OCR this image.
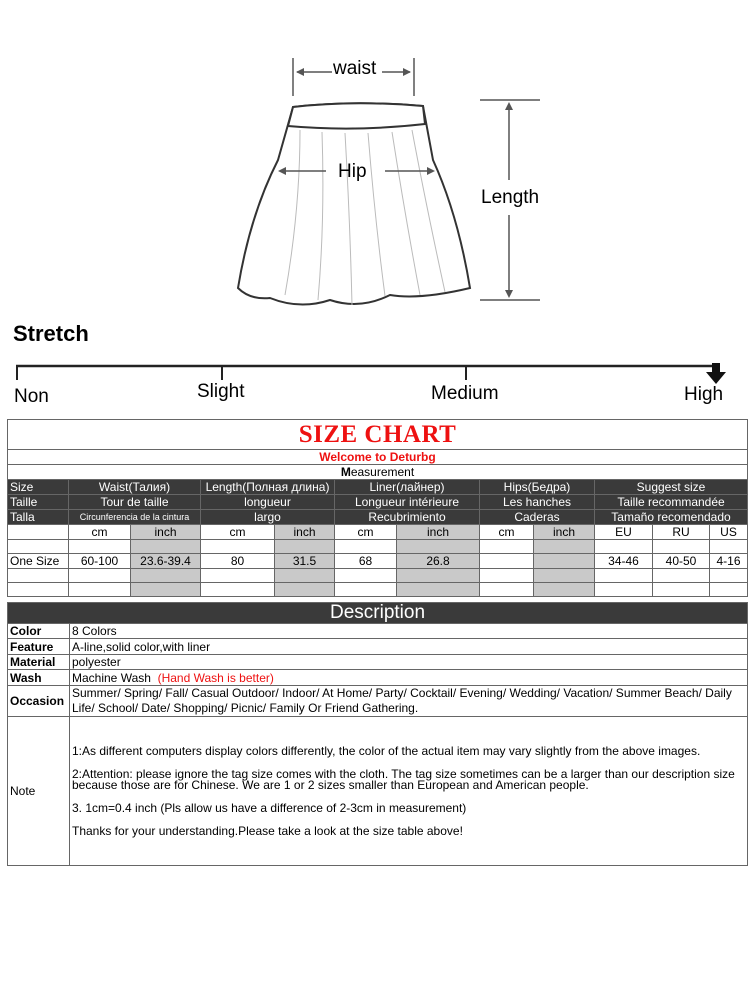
waist
Hip
Length
Stretch
Non	Slight	Medium	High
SIZE CHART											
Welcome to Deturbg											
Measurement											
Size	Waist(Талия)		Length(Полная длина)		Liner(лайнер)		Hips(Бедра)		Suggest size		
Taille	Tour de taille		longueur		Longueur intérieure		Les hanches		Taille recommandée		
Talla	Circunferencia de la cintura		largo		Recubrimiento		Caderas		Tamaño recomendado		
	cm	inch	cm	inch	cm	inch	cm	inch	EU	RU	US

One Size	60-100	23.6-39.4	80	31.5	68	26.8			34-46	40-50	4-16

Description	
Color	8 Colors
Feature	A-line,solid color,with liner
Material	polyester
Wash	Machine Wash (Hand Wash is better)
Occasion	Summer/ Spring/ Fall/ Casual Outdoor/ Indoor/ At Home/ Party/ Cocktail/ Evening/ Wedding/ Vacation/ Summer Beach/ Daily Life/ School/ Date/ Shopping/ Picnic/ Family Or Friend Gathering.
Note	1:As different computers display colors differently, the color of the actual item may vary slightly from the above images.

2:Attention: please ignore the tag size comes with the cloth. The tag size sometimes can be a larger than our description size because those are for Chinese. We are 1 or 2 sizes smaller than European and American people.

3. 1cm=0.4 inch (Pls allow us have a difference of 2-3cm in measurement)

Thanks for your understanding.Please take a look at the size table above!
